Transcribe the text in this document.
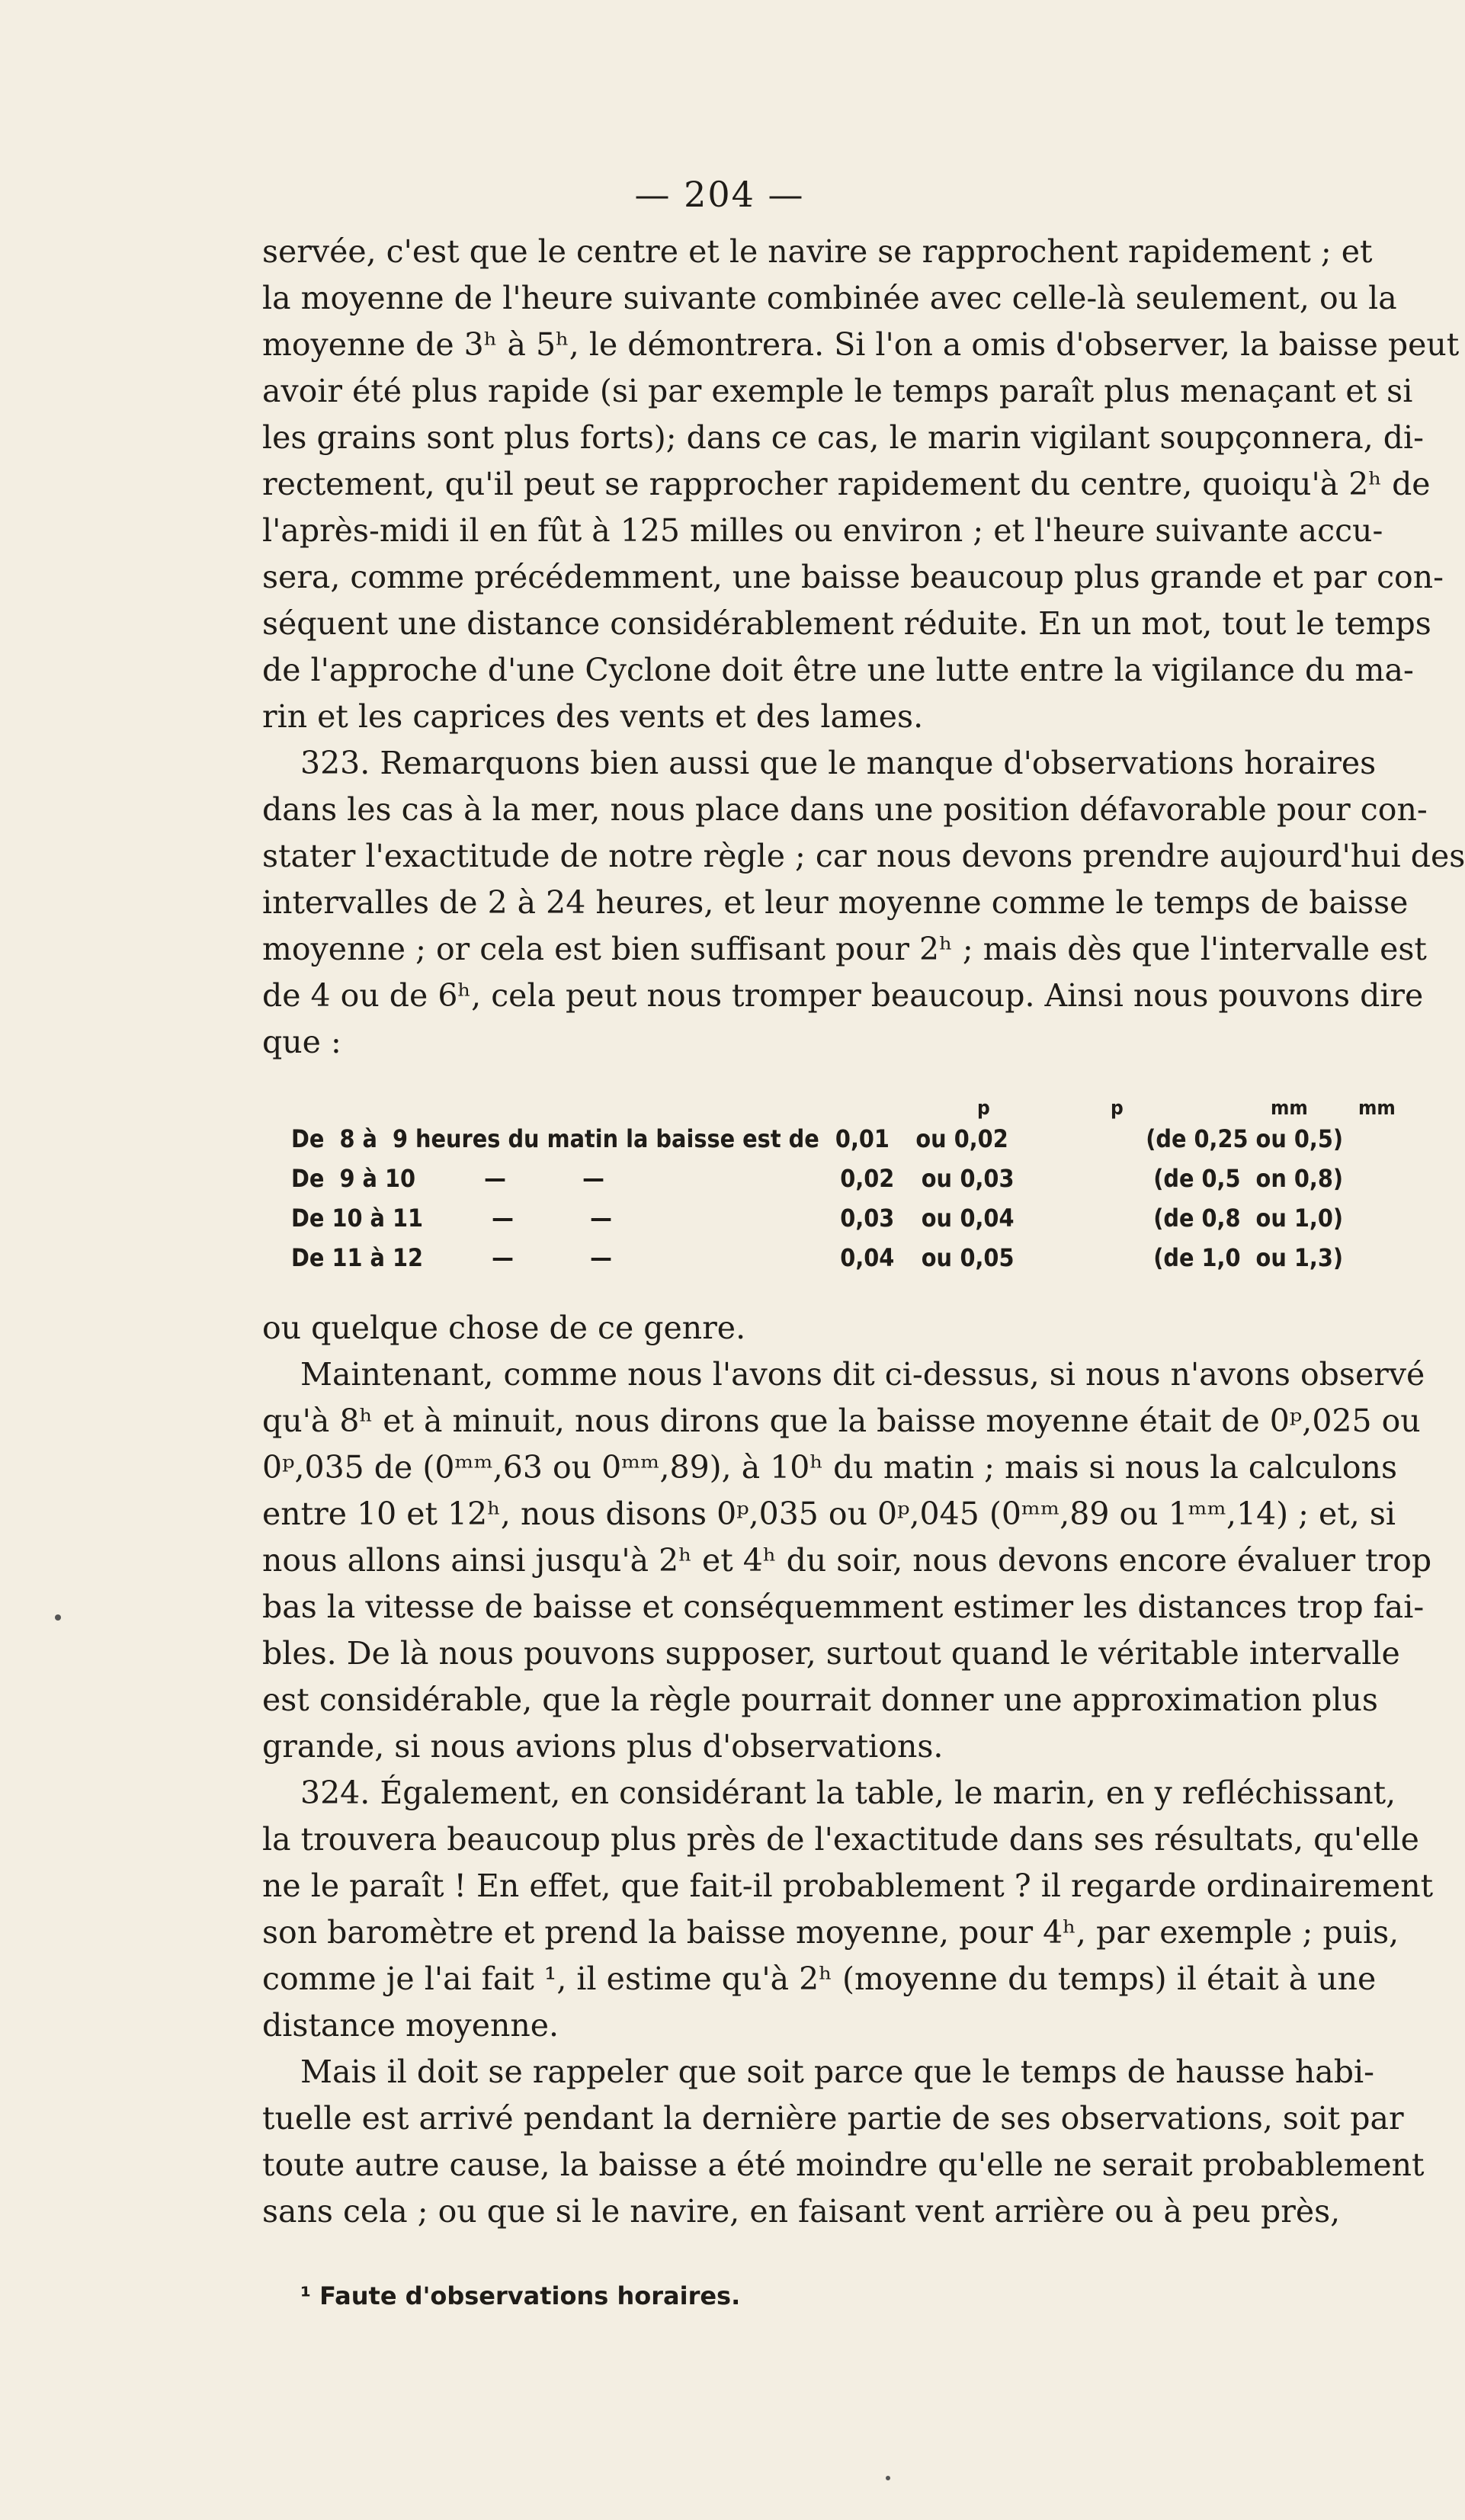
— 204 —
servée, c'est que le centre et le navire se rapprochent rapidement ; et
la moyenne de l'heure suivante combinée avec celle-là seulement, ou la
moyenne de 3ʰ à 5ʰ, le démontrera. Si l'on a omis d'observer, la baisse peut
avoir été plus rapide (si par exemple le temps paraît plus menaçant et si
les grains sont plus forts); dans ce cas, le marin vigilant soupçonnera, di-
rectement, qu'il peut se rapprocher rapidement du centre, quoiqu'à 2ʰ de
l'après-midi il en fût à 125 milles ou environ ; et l'heure suivante accu-
sera, comme précédemment, une baisse beaucoup plus grande et par con-
séquent une distance considérablement réduite. En un mot, tout le temps
de l'approche d'une Cyclone doit être une lutte entre la vigilance du ma-
rin et les caprices des vents et des lames.
323. Remarquons bien aussi que le manque d'observations horaires
dans les cas à la mer, nous place dans une position défavorable pour con-
stater l'exactitude de notre règle ; car nous devons prendre aujourd'hui des
intervalles de 2 à 24 heures, et leur moyenne comme le temps de baisse
moyenne ; or cela est bien suffisant pour 2ʰ ; mais dès que l'intervalle est
de 4 ou de 6ʰ, cela peut nous tromper beaucoup. Ainsi nous pouvons dire
que :
p	p	mm	mm
De  8 à  9 heures du matin la baisse est de 0,01	ou 0,02	(de 0,25 ou 0,5)
De  9 à 10         —          —	0,02	ou 0,03	(de 0,5  on 0,8)
De 10 à 11         —          —	0,03	ou 0,04	(de 0,8  ou 1,0)
De 11 à 12         —          —	0,04	ou 0,05	(de 1,0  ou 1,3)
ou quelque chose de ce genre.
Maintenant, comme nous l'avons dit ci-dessus, si nous n'avons observé
qu'à 8ʰ et à minuit, nous dirons que la baisse moyenne était de 0ᵖ,025 ou
0ᵖ,035 de (0ᵐᵐ,63 ou 0ᵐᵐ,89), à 10ʰ du matin ; mais si nous la calculons
entre 10 et 12ʰ, nous disons 0ᵖ,035 ou 0ᵖ,045 (0ᵐᵐ,89 ou 1ᵐᵐ,14) ; et, si
nous allons ainsi jusqu'à 2ʰ et 4ʰ du soir, nous devons encore évaluer trop
bas la vitesse de baisse et conséquemment estimer les distances trop fai-
bles. De là nous pouvons supposer, surtout quand le véritable intervalle
est considérable, que la règle pourrait donner une approximation plus
grande, si nous avions plus d'observations.
324. Également, en considérant la table, le marin, en y refléchissant,
la trouvera beaucoup plus près de l'exactitude dans ses résultats, qu'elle
ne le paraît ! En effet, que fait-il probablement ? il regarde ordinairement
son baromètre et prend la baisse moyenne, pour 4ʰ, par exemple ; puis,
comme je l'ai fait ¹, il estime qu'à 2ʰ (moyenne du temps) il était à une
distance moyenne.
Mais il doit se rappeler que soit parce que le temps de hausse habi-
tuelle est arrivé pendant la dernière partie de ses observations, soit par
toute autre cause, la baisse a été moindre qu'elle ne serait probablement
sans cela ; ou que si le navire, en faisant vent arrière ou à peu près,
¹ Faute d'observations horaires.
